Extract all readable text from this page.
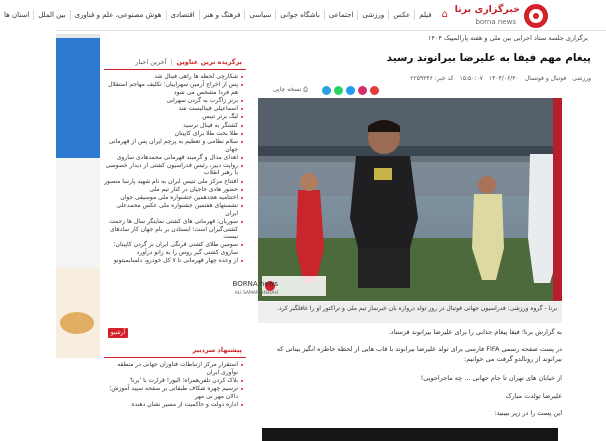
خبرگزاری برنا
borna news
⌂
فیلم
عکس
ورزشی
اجتماعی
باشگاه جوانی
سیاسی
فرهنگ و هنر
اقتصادی
هوش مصنوعی، علم و فناوری
بین الملل
استان ها
برگزاری جلسه ستاد اجرایی بین ملی و هفته پارالمپیک ۱۴۰۴
پیغام مهم فیفا به علیرضا بیرانوند رسید
ورزشی
فوتبال و فوتسال
۱۴۰۴/۰۶/۳۰
۱۵:۵۰:۰۷
کد خبر: ۲۲۵۹۳۴۶
⎙ نسخه چاپی
BORNA news
ALI SAMAREHSHAH
برنا - گروه ورزشی: فدراسیون جهانی فوتبال در روز تولد دروازه بان خبرساز تیم ملی و تراکتور او را غافلگیر کرد.

به گزارش برنا؛ فیفا پیغام جذابی را برای علیرضا بیرانوند فرستاد.

در پست صفحه رسمی FIFA فارسی برای تولد علیرضا بیرانوند با قاب هایی از لحظه خاطره انگیز بیناتی که بیرانوند از رونالدو گرفت می خوانیم:

از خیابان های تهران تا جام جهانی ... چه ماجراجویی!

علیرضا تولدت مبارک

این پست را در زیر ببینید:

برگزیده ترین عناوین
|
آخرین اخبار
شکارچی لحظه ها راهی فینال شد
پس از اخراج آرمین سهرابیان؛ تکلیف مهاجم استقلال هم فردا مشخص می شود
برنز زاگرب به گردن سهرابی
اسماعیلی فینالیست شد
لیگ برتر تنیس
کشتگر به فینال نرسید
طلا بخت طلا برای کاپیتان
سلام نظامی و تعظیم به پرچم ایران پس از قهرمانی جهان
اهدای مدال و گرمبند قهرمانی محمدهادی ساروی
روایت دبیر، رئیس فدراسیون کشتی از دیدار خصوصی با رهبر انقلاب
افتتاح مرکز ملی تنیس ایران به نام شهید پارسا منصور
حضور هادی خاجیان در کنار تیم ملی
اختتامیه هجدهمین جشنواره ملی موسیقی جوان
نشستهای هفتمین جشنواره ملی عکس محمدعلی ایران
سوریان: قهرمانی های کشتی نماینگر سال ها زحمت کشتی‌گیران است؛ ایستادن بر بام جهان کار سادهای نیست
سومین طلای کشتی فرنگی ایران بر گردن کاپیتان؛ ساروی کشتی گیر روس را به زانو درآورد
از وعده چهار قهرمانی تا ۷ کل خودرو، دلسابمیتونو
آرشیو
پیشنهاد سردبیر
استقرار مرکز ارتباطات فناوران جهانی در منطقه نوآوری ایران
بلاک کردن تلفن‌همراه؛ الیور! قرارت با 'برنا'
ترسیم چهره شکاف طبقاتی بر صفحه سپید آموزش؛ دالان مهر بی مهر
اداره دولت و حاکمیت از مسیر نشان دهنده
